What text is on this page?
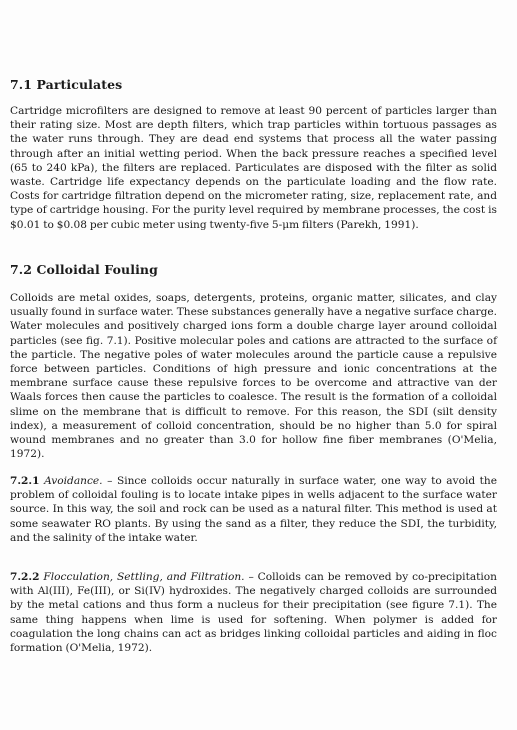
7.1 Particulates

Cartridge microfilters are designed to remove at least 90 percent of particles larger than their rating size. Most are depth filters, which trap particles within tortuous passages as the water runs through. They are dead end systems that process all the water passing through after an initial wetting period. When the back pressure reaches a specified level (65 to 240 kPa), the filters are replaced. Particulates are disposed with the filter as solid waste. Cartridge life expectancy depends on the particulate loading and the flow rate. Costs for cartridge filtration depend on the micrometer rating, size, replacement rate, and type of cartridge housing. For the purity level required by membrane processes, the cost is $0.01 to $0.08 per cubic meter using twenty-five 5-μm filters (Parekh, 1991).

7.2 Colloidal Fouling

Colloids are metal oxides, soaps, detergents, proteins, organic matter, silicates, and clay usually found in surface water. These substances generally have a negative surface charge. Water molecules and positively charged ions form a double charge layer around colloidal particles (see fig. 7.1). Positive molecular poles and cations are attracted to the surface of the particle. The negative poles of water molecules around the particle cause a repulsive force between particles. Conditions of high pressure and ionic concentrations at the membrane surface cause these repulsive forces to be overcome and attractive van der Waals forces then cause the particles to coalesce. The result is the formation of a colloidal slime on the membrane that is difficult to remove. For this reason, the SDI (silt density index), a measurement of colloid concentration, should be no higher than 5.0 for spiral wound membranes and no greater than 3.0 for hollow fine fiber membranes (O'Melia, 1972).

7.2.1 Avoidance. – Since colloids occur naturally in surface water, one way to avoid the problem of colloidal fouling is to locate intake pipes in wells adjacent to the surface water source. In this way, the soil and rock can be used as a natural filter. This method is used at some seawater RO plants. By using the sand as a filter, they reduce the SDI, the turbidity, and the salinity of the intake water.

7.2.2 Flocculation, Settling, and Filtration. – Colloids can be removed by co-precipitation with Al(III), Fe(III), or Si(IV) hydroxides. The negatively charged colloids are surrounded by the metal cations and thus form a nucleus for their precipitation (see figure 7.1). The same thing happens when lime is used for softening. When polymer is added for coagulation the long chains can act as bridges linking colloidal particles and aiding in floc formation (O'Melia, 1972).
